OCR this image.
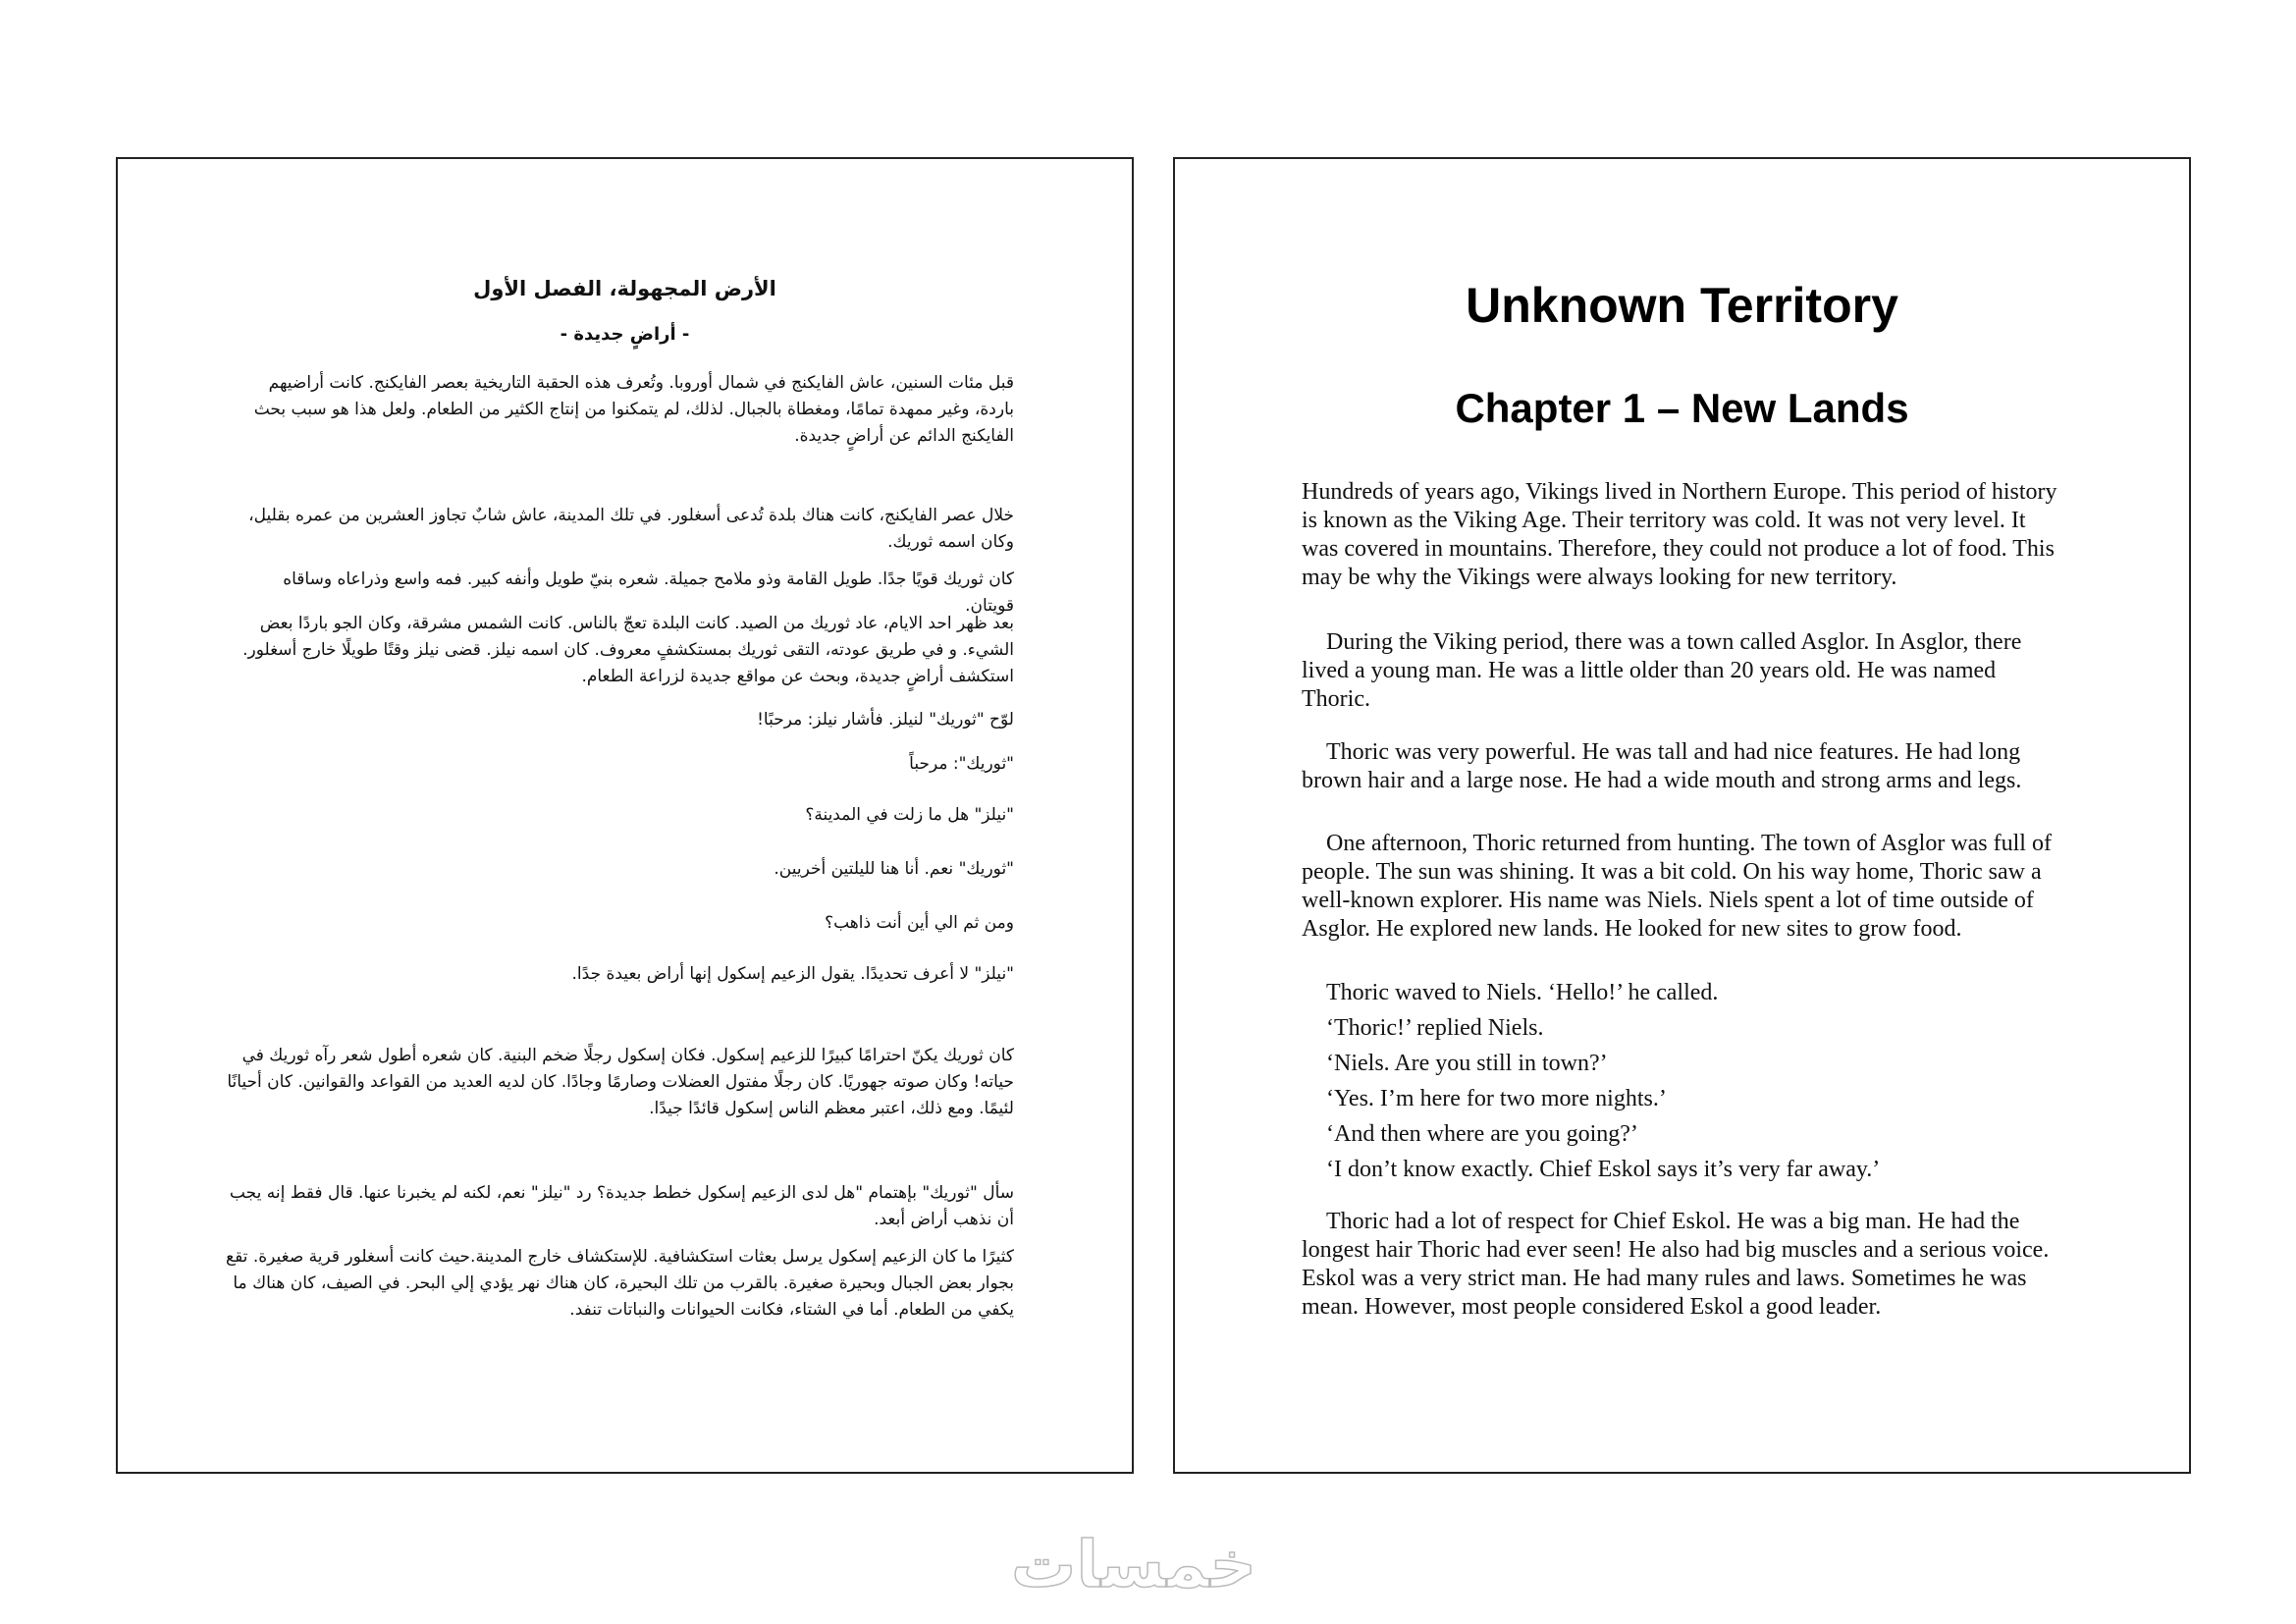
الأرض المجهولة، الفصل الأول
- أراضٍ جديدة -

قبل مئات السنين، عاش الفايكنج في شمال أوروبا. وتُعرف هذه الحقبة التاريخية بعصر الفايكنج. كانت أراضيهم باردة، وغير ممهدة تمامًا، ومغطاة بالجبال. لذلك، لم يتمكنوا من إنتاج الكثير من الطعام. ولعل هذا هو سبب بحث الفايكنج الدائم عن أراضٍ جديدة.

خلال عصر الفايكنج، كانت هناك بلدة تُدعى أسغلور. في تلك المدينة، عاش شابٌ تجاوز العشرين من عمره بقليل، وكان اسمه ثوريك.

كان ثوريك قويًا جدًا. طويل القامة وذو ملامح جميلة. شعره بنيّ طويل وأنفه كبير. فمه واسع وذراعاه وساقاه قويتان.

بعد ظهر احد الايام، عاد ثوريك من الصيد. كانت البلدة تعجّ بالناس. كانت الشمس مشرقة، وكان الجو باردًا بعض الشيء. و في طريق عودته، التقى ثوريك بمستكشفٍ معروف. كان اسمه نيلز. قضى نيلز وقتًا طويلًا خارج أسغلور. استكشف أراضٍ جديدة، وبحث عن مواقع جديدة لزراعة الطعام.

لوّح "ثوريك" لنيلز. فأشار نيلز: مرحبًا!

"ثوريك": مرحباً

"نيلز" هل ما زلت في المدينة؟

"ثوريك" نعم. أنا هنا لليلتين أخريين.

ومن ثم الي أين أنت ذاهب؟

"نيلز" لا أعرف تحديدًا. يقول الزعيم إسكول إنها أراض بعيدة جدًا.

كان ثوريك يكنّ احترامًا كبيرًا للزعيم إسكول. فكان إسكول رجلًا ضخم البنية. كان شعره أطول شعر رآه ثوريك في حياته! وكان صوته جهوريًا. كان رجلًا مفتول العضلات وصارمًا وجادًا. كان لديه العديد من القواعد والقوانين. كان أحيانًا لئيمًا. ومع ذلك، اعتبر معظم الناس إسكول قائدًا جيدًا.

سأل "ثوريك" بإهتمام "هل لدى الزعيم إسكول خطط جديدة؟ رد "نيلز" نعم، لكنه لم يخبرنا عنها. قال فقط إنه يجب أن نذهب أراض أبعد.

كثيرًا ما كان الزعيم إسكول يرسل بعثات استكشافية. للإستكشاف خارج المدينة.حيث كانت أسغلور قرية صغيرة. تقع بجوار بعض الجبال وبحيرة صغيرة. بالقرب من تلك البحيرة، كان هناك نهر يؤدي إلي البحر. في الصيف، كان هناك ما يكفي من الطعام. أما في الشتاء، فكانت الحيوانات والنباتات تنفد.

Unknown Territory
Chapter 1 – New Lands

Hundreds of years ago, Vikings lived in Northern Europe. This period of history is known as the Viking Age. Their territory was cold. It was not very level. It was covered in mountains. Therefore, they could not produce a lot of food. This may be why the Vikings were always looking for new territory.

During the Viking period, there was a town called Asglor. In Asglor, there lived a young man. He was a little older than 20 years old. He was named Thoric.

Thoric was very powerful. He was tall and had nice features. He had long brown hair and a large nose. He had a wide mouth and strong arms and legs.

One afternoon, Thoric returned from hunting. The town of Asglor was full of people. The sun was shining. It was a bit cold. On his way home, Thoric saw a well-known explorer. His name was Niels. Niels spent a lot of time outside of Asglor. He explored new lands. He looked for new sites to grow food.

Thoric waved to Niels. ‘Hello!’ he called.

‘Thoric!’ replied Niels.

‘Niels. Are you still in town?’

‘Yes. I’m here for two more nights.’

‘And then where are you going?’

‘I don’t know exactly. Chief Eskol says it’s very far away.’

Thoric had a lot of respect for Chief Eskol. He was a big man. He had the longest hair Thoric had ever seen! He also had big muscles and a serious voice. Eskol was a very strict man. He had many rules and laws. Sometimes he was mean. However, most people considered Eskol a good leader.

خمسات
